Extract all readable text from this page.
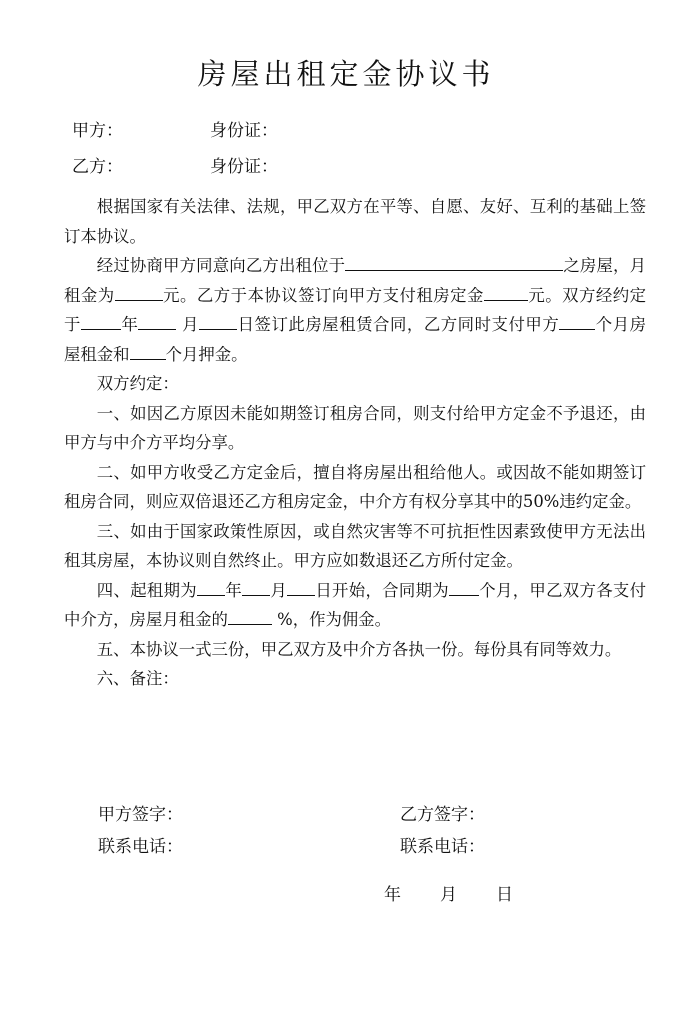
房屋出租定金协议书
甲方：	身份证：
乙方：	身份证：

根据国家有关法律、法规，甲乙双方在平等、自愿、友好、互利的基础上签订本协议。

经过协商甲方同意向乙方出租位于	之房屋，月租金为	元。乙方于本协议签订向甲方支付租房定金	元。双方经约定于 年	月 日签订此房屋租赁合同，乙方同时支付甲方 个月房屋租金和 个月押金。

双方约定：

一、如因乙方原因未能如期签订租房合同，则支付给甲方定金不予退还，由甲方与中介方平均分享。

二、如甲方收受乙方定金后，擅自将房屋出租给他人。或因故不能如期签订租房合同，则应双倍退还乙方租房定金，中介方有权分享其中的50%违约定金。

三、如由于国家政策性原因，或自然灾害等不可抗拒性因素致使甲方无法出租其房屋，本协议则自然终止。甲方应如数退还乙方所付定金。

四、起租期为 年 月 日开始，合同期为 个月，甲乙双方各支付中介方，房屋月租金的	%，作为佣金。

五、本协议一式三份，甲乙双方及中介方各执一份。每份具有同等效力。

六、备注：

甲方签字：	乙方签字：
联系电话：	联系电话：
年 月 日
